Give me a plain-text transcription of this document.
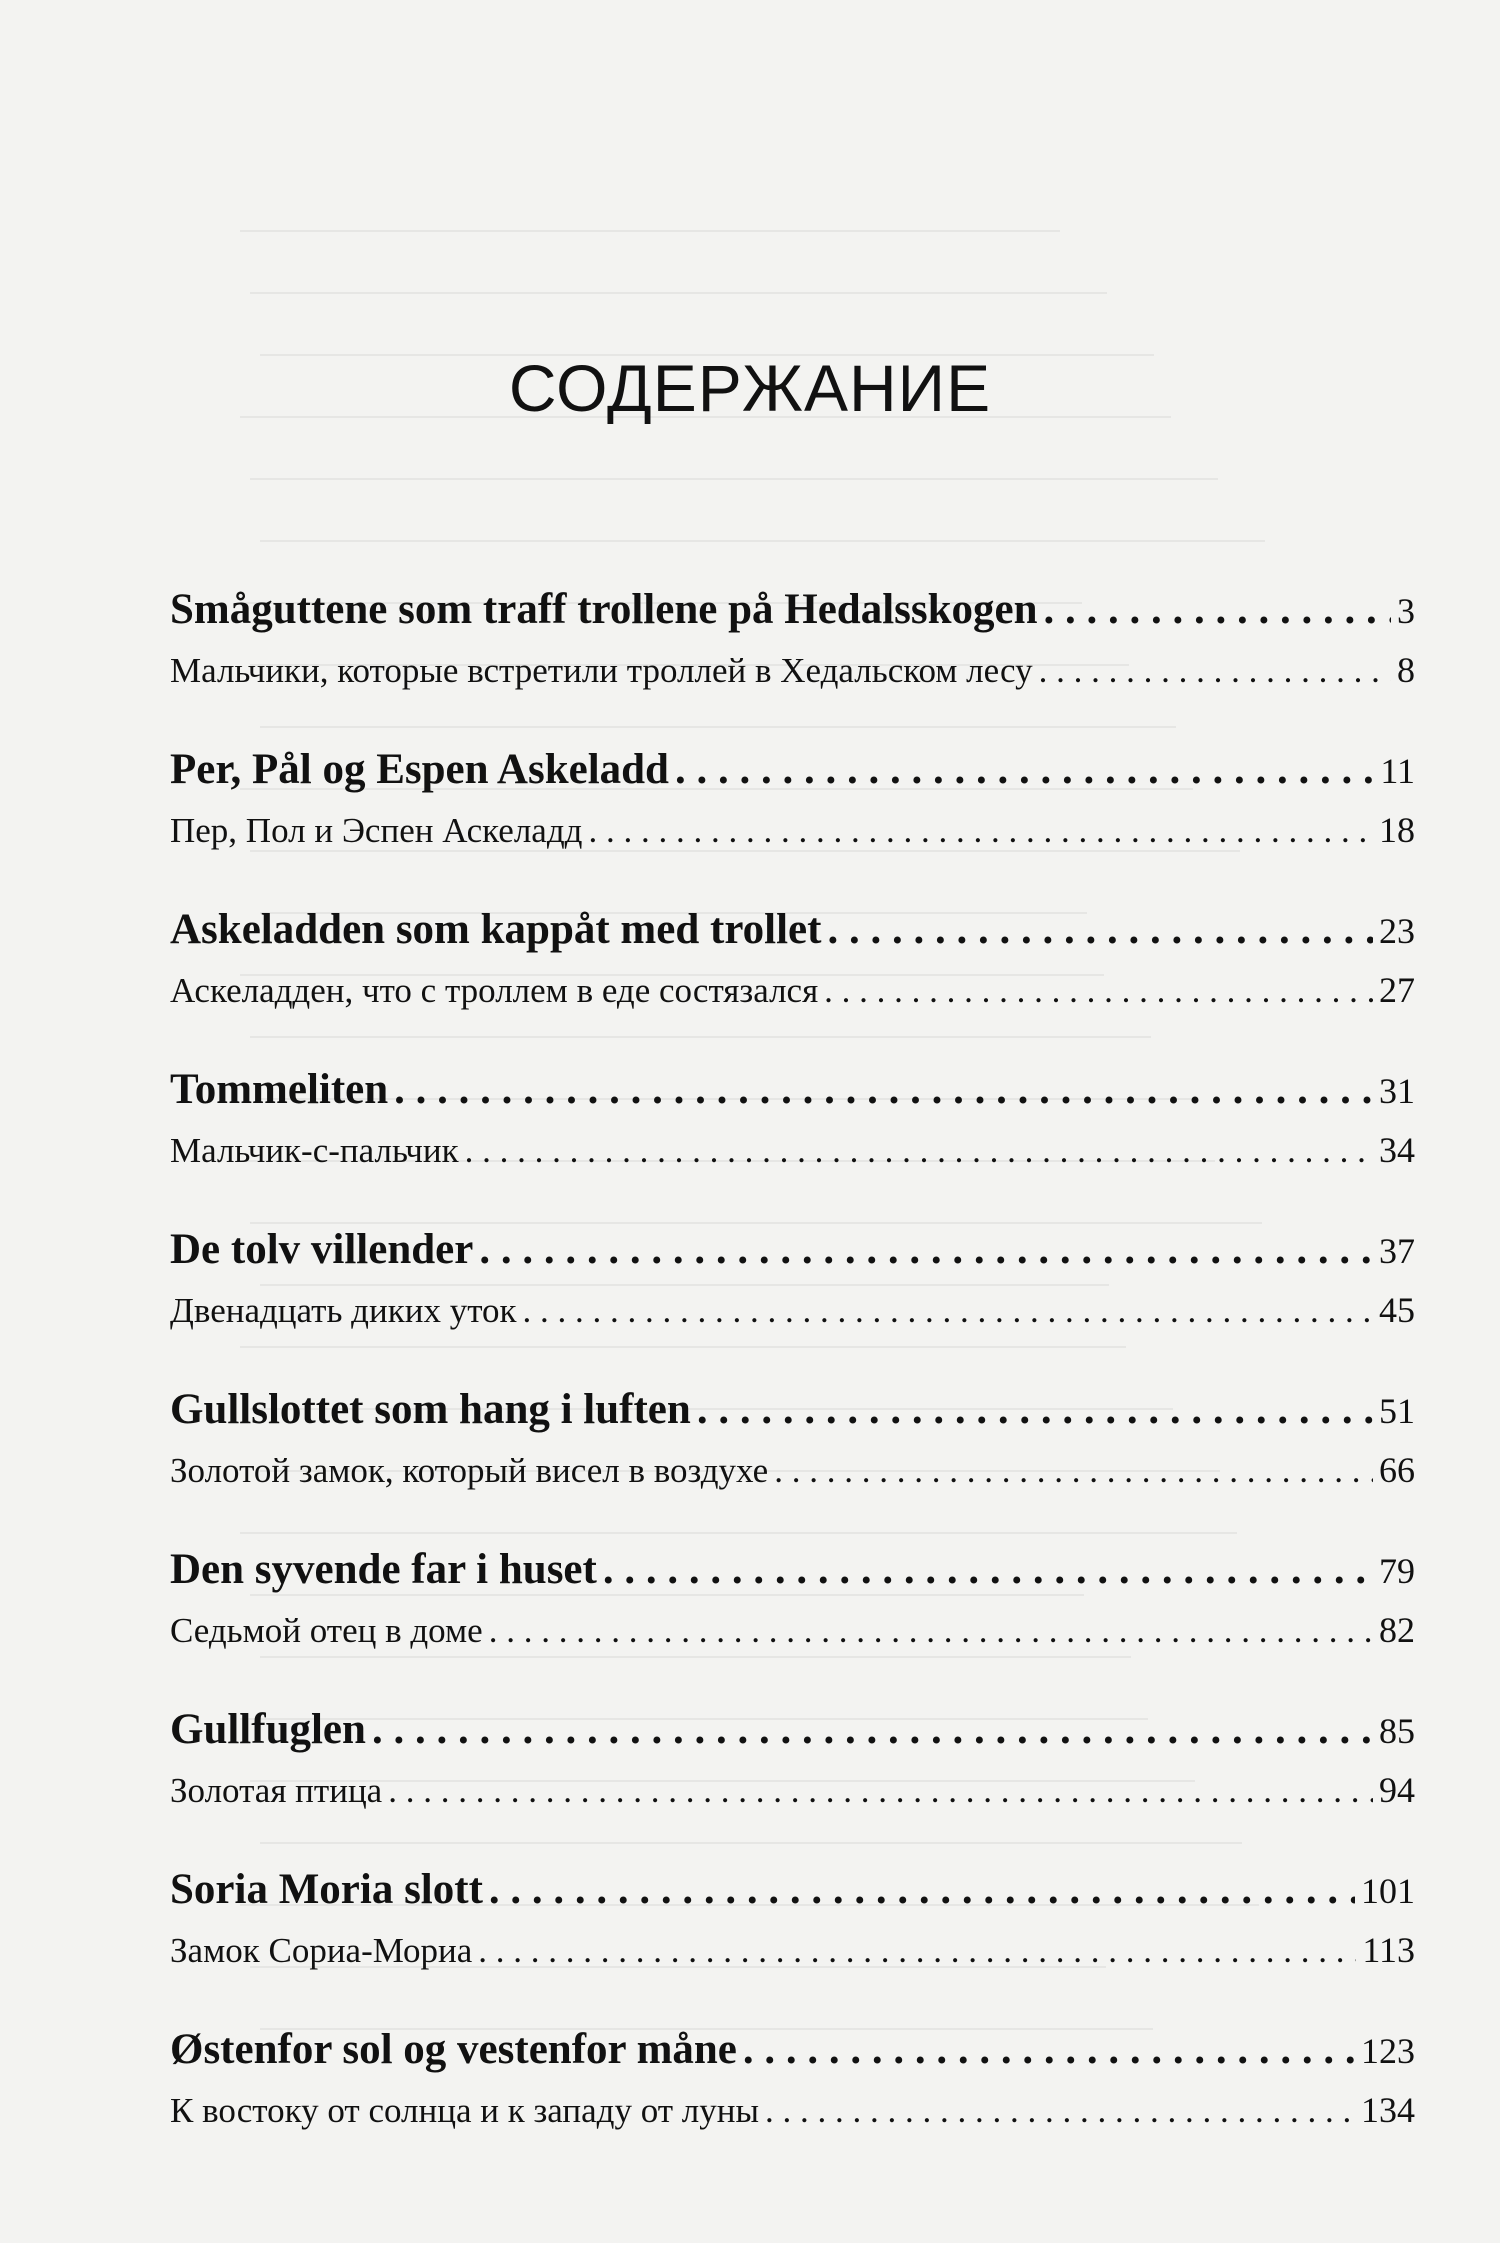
СОДЕРЖАНИЕ
Småguttene som traff trollene på Hedalsskogen . . .	3
Мальчики, которые встретили троллей в Хедальском лесу . . .	8
Per, Pål og Espen Askeladd . . .	11
Пер, Пол и Эспен Аскеладд . . .	18
Askeladden som kappåt med trollet . . .	23
Аскеладден, что с троллем в еде состязался . . .	27
Tommeliten . . .	31
Мальчик-с-пальчик . . .	34
De tolv villender . . .	37
Двенадцать диких уток . . .	45
Gullslottet som hang i luften . . .	51
Золотой замок, который висел в воздухе . . .	66
Den syvende far i huset . . .	79
Седьмой отец в доме . . .	82
Gullfuglen . . .	85
Золотая птица . . .	94
Soria Moria slott . . .	101
Замок Сориа-Мориа . . .	113
Østenfor sol og vestenfor måne . . .	123
К востоку от солнца и к западу от луны . . .	134
